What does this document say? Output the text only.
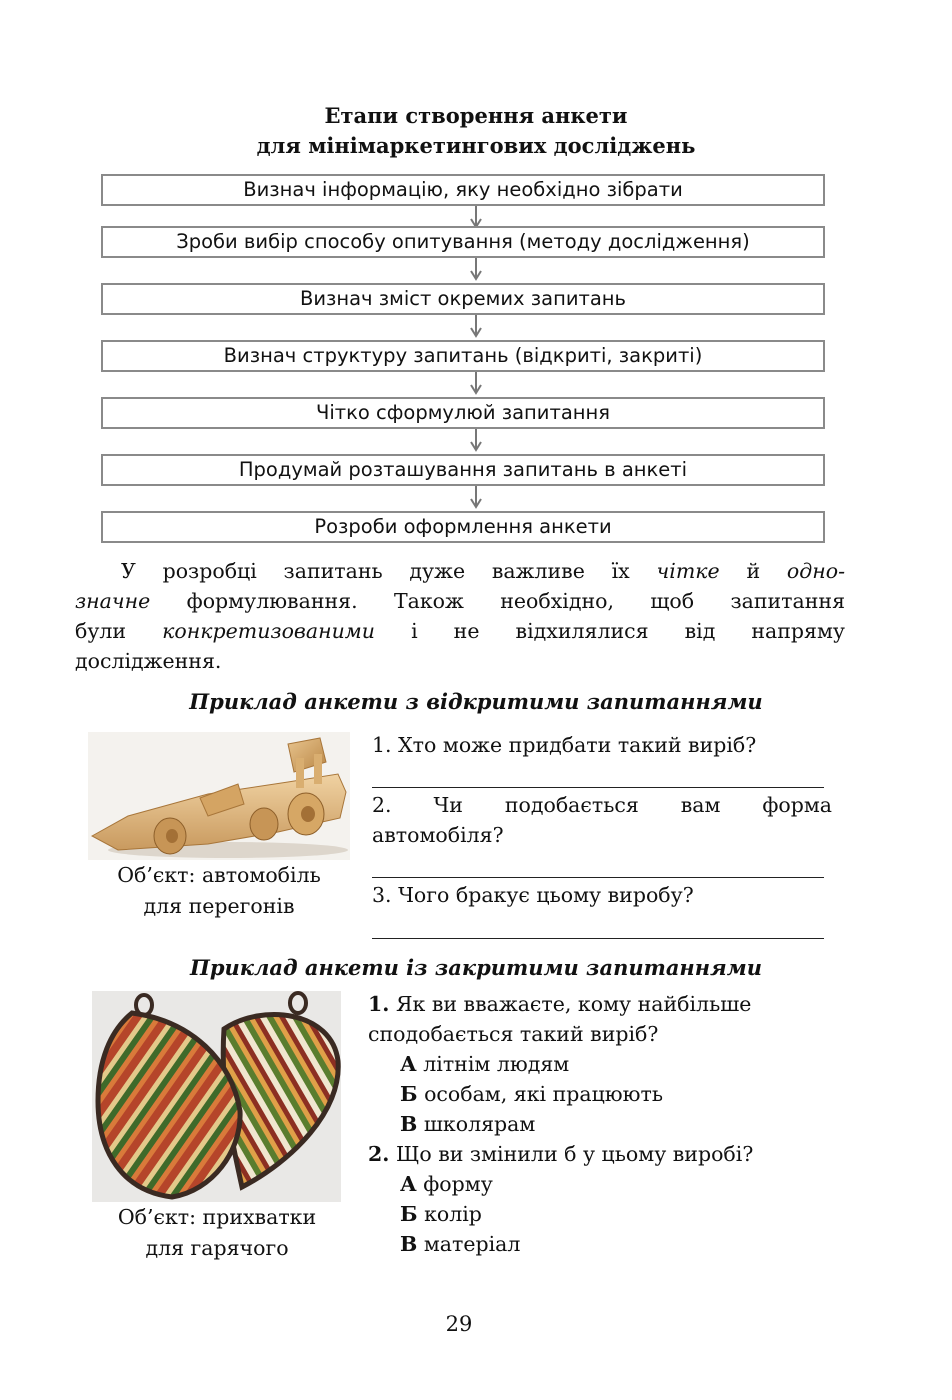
Етапи створення анкети
для мінімаркетингових досліджень
Визнач інформацію, яку необхідно зібрати
Зроби вибір способу опитування (методу дослідження)
Визнач зміст окремих запитань
Визнач структуру запитань (відкриті, закриті)
Чітко сформулюй запитання
Продумай розташування запитань в анкеті
Розроби оформлення анкети
У розробці запитань дуже важливе їх чітке й одно-
значне формулювання. Також необхідно, щоб запитання
були конкретизованими і не відхилялися від напряму
дослідження.
Приклад анкети з відкритими запитаннями
Об’єкт: автомобіль
для перегонів
1. Хто може придбати такий виріб?
2. Чи подобається вам форма
автомобіля?
3. Чого бракує цьому виробу?
Приклад анкети із закритими запитаннями
Об’єкт: прихватки
для гарячого
1. Як ви вважаєте, кому найбільше
сподобається такий виріб?
А літнім людям
Б особам, які працюють
В школярам
2. Що ви змінили б у цьому виробі?
А форму
Б колір
В матеріал
29
